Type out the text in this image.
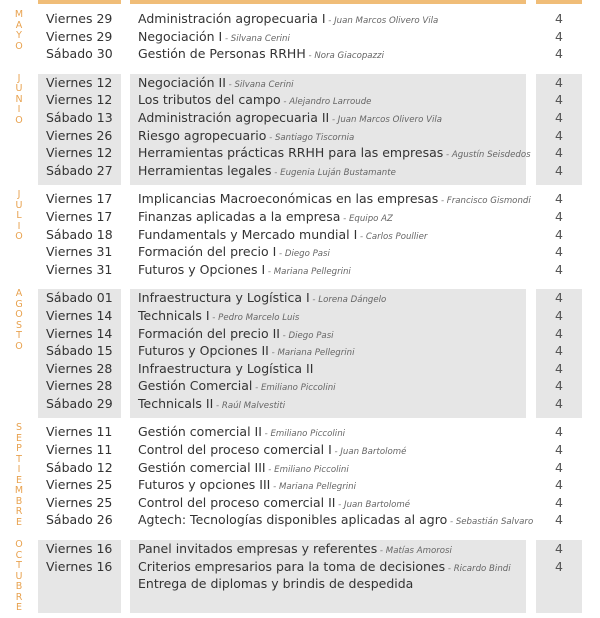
M
A
Y
O
Viernes 29 Administración agropecuaria I - Juan Marcos Olivero Vila	4
Viernes 29 Negociación I - Silvana Cerini	4
Sábado 30 Gestión de Personas RRHH - Nora Giacopazzi	4
J
U
N
I
O
Viernes 12 Negociación II - Silvana Cerini	4
Viernes 12 Los tributos del campo - Alejandro Larroude	4
Sábado 13 Administración agropecuaria II - Juan Marcos Olivero Vila	4
Viernes 26 Riesgo agropecuario - Santiago Tiscornia	4
Viernes 12 Herramientas prácticas RRHH para las empresas - Agustín Seisdedos	4
Sábado 27 Herramientas legales - Eugenia Luján Bustamante	4
J
U
L
I
O
Viernes 17 Implicancias Macroeconómicas en las empresas - Francisco Gismondi	4
Viernes 17 Finanzas aplicadas a la empresa - Equipo AZ	4
Sábado 18 Fundamentals y Mercado mundial I - Carlos Poullier	4
Viernes 31 Formación del precio I - Diego Pasi	4
Viernes 31 Futuros y Opciones I - Mariana Pellegrini	4
A
G
O
S
T
O
Sábado 01 Infraestructura y Logística I - Lorena Dángelo	4
Viernes 14 Technicals I - Pedro Marcelo Luis	4
Viernes 14 Formación del precio II - Diego Pasi	4
Sábado 15 Futuros y Opciones II - Mariana Pellegrini	4
Viernes 28 Infraestructura y Logística II	4
Viernes 28 Gestión Comercial - Emiliano Piccolini	4
Sábado 29 Technicals II - Raúl Malvestiti	4
S
E
P
T
I
E
M
B
R
E
Viernes 11 Gestión comercial II - Emiliano Piccolini	4
Viernes 11 Control del proceso comercial I - Juan Bartolomé	4
Sábado 12 Gestión comercial III - Emiliano Piccolini	4
Viernes 25 Futuros y opciones III - Mariana Pellegrini	4
Viernes 25 Control del proceso comercial II - Juan Bartolomé	4
Sábado 26 Agtech: Tecnologías disponibles aplicadas al agro - Sebastián Salvaro	4
O
C
T
U
B
R
E
Viernes 16 Panel invitados empresas y referentes - Matías Amorosi	4
Viernes 16 Criterios empresarios para la toma de decisiones - Ricardo Bindi	4
Entrega de diplomas y brindis de despedida
